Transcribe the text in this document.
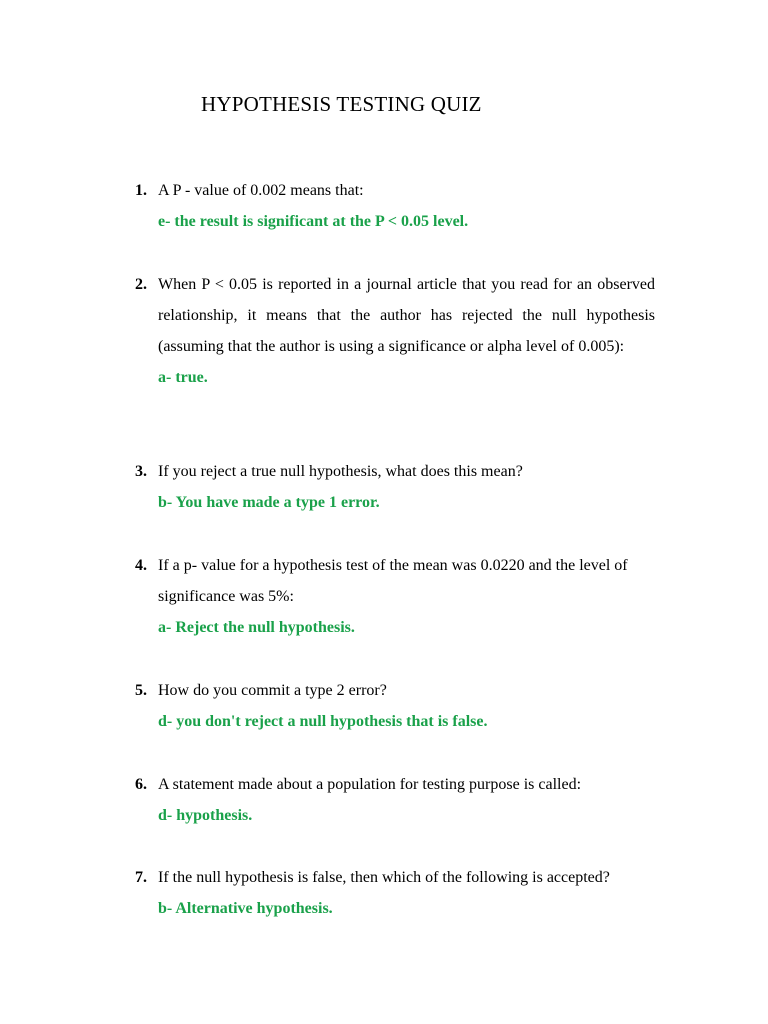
HYPOTHESIS TESTING QUIZ
1. A P - value of 0.002 means that:
e- the result is significant at the P < 0.05 level.
2. When P < 0.05 is reported in a journal article that you read for an observed relationship, it means that the author has rejected the null hypothesis (assuming that the author is using a significance or alpha level of 0.005):
a- true.
3. If you reject a true null hypothesis, what does this mean?
b- You have made a type 1 error.
4. If a p- value for a hypothesis test of the mean was 0.0220 and the level of significance was 5%:
a- Reject the null hypothesis.
5. How do you commit a type 2 error?
d- you don't reject a null hypothesis that is false.
6. A statement made about a population for testing purpose is called:
d- hypothesis.
7. If the null hypothesis is false, then which of the following is accepted?
b- Alternative hypothesis.
